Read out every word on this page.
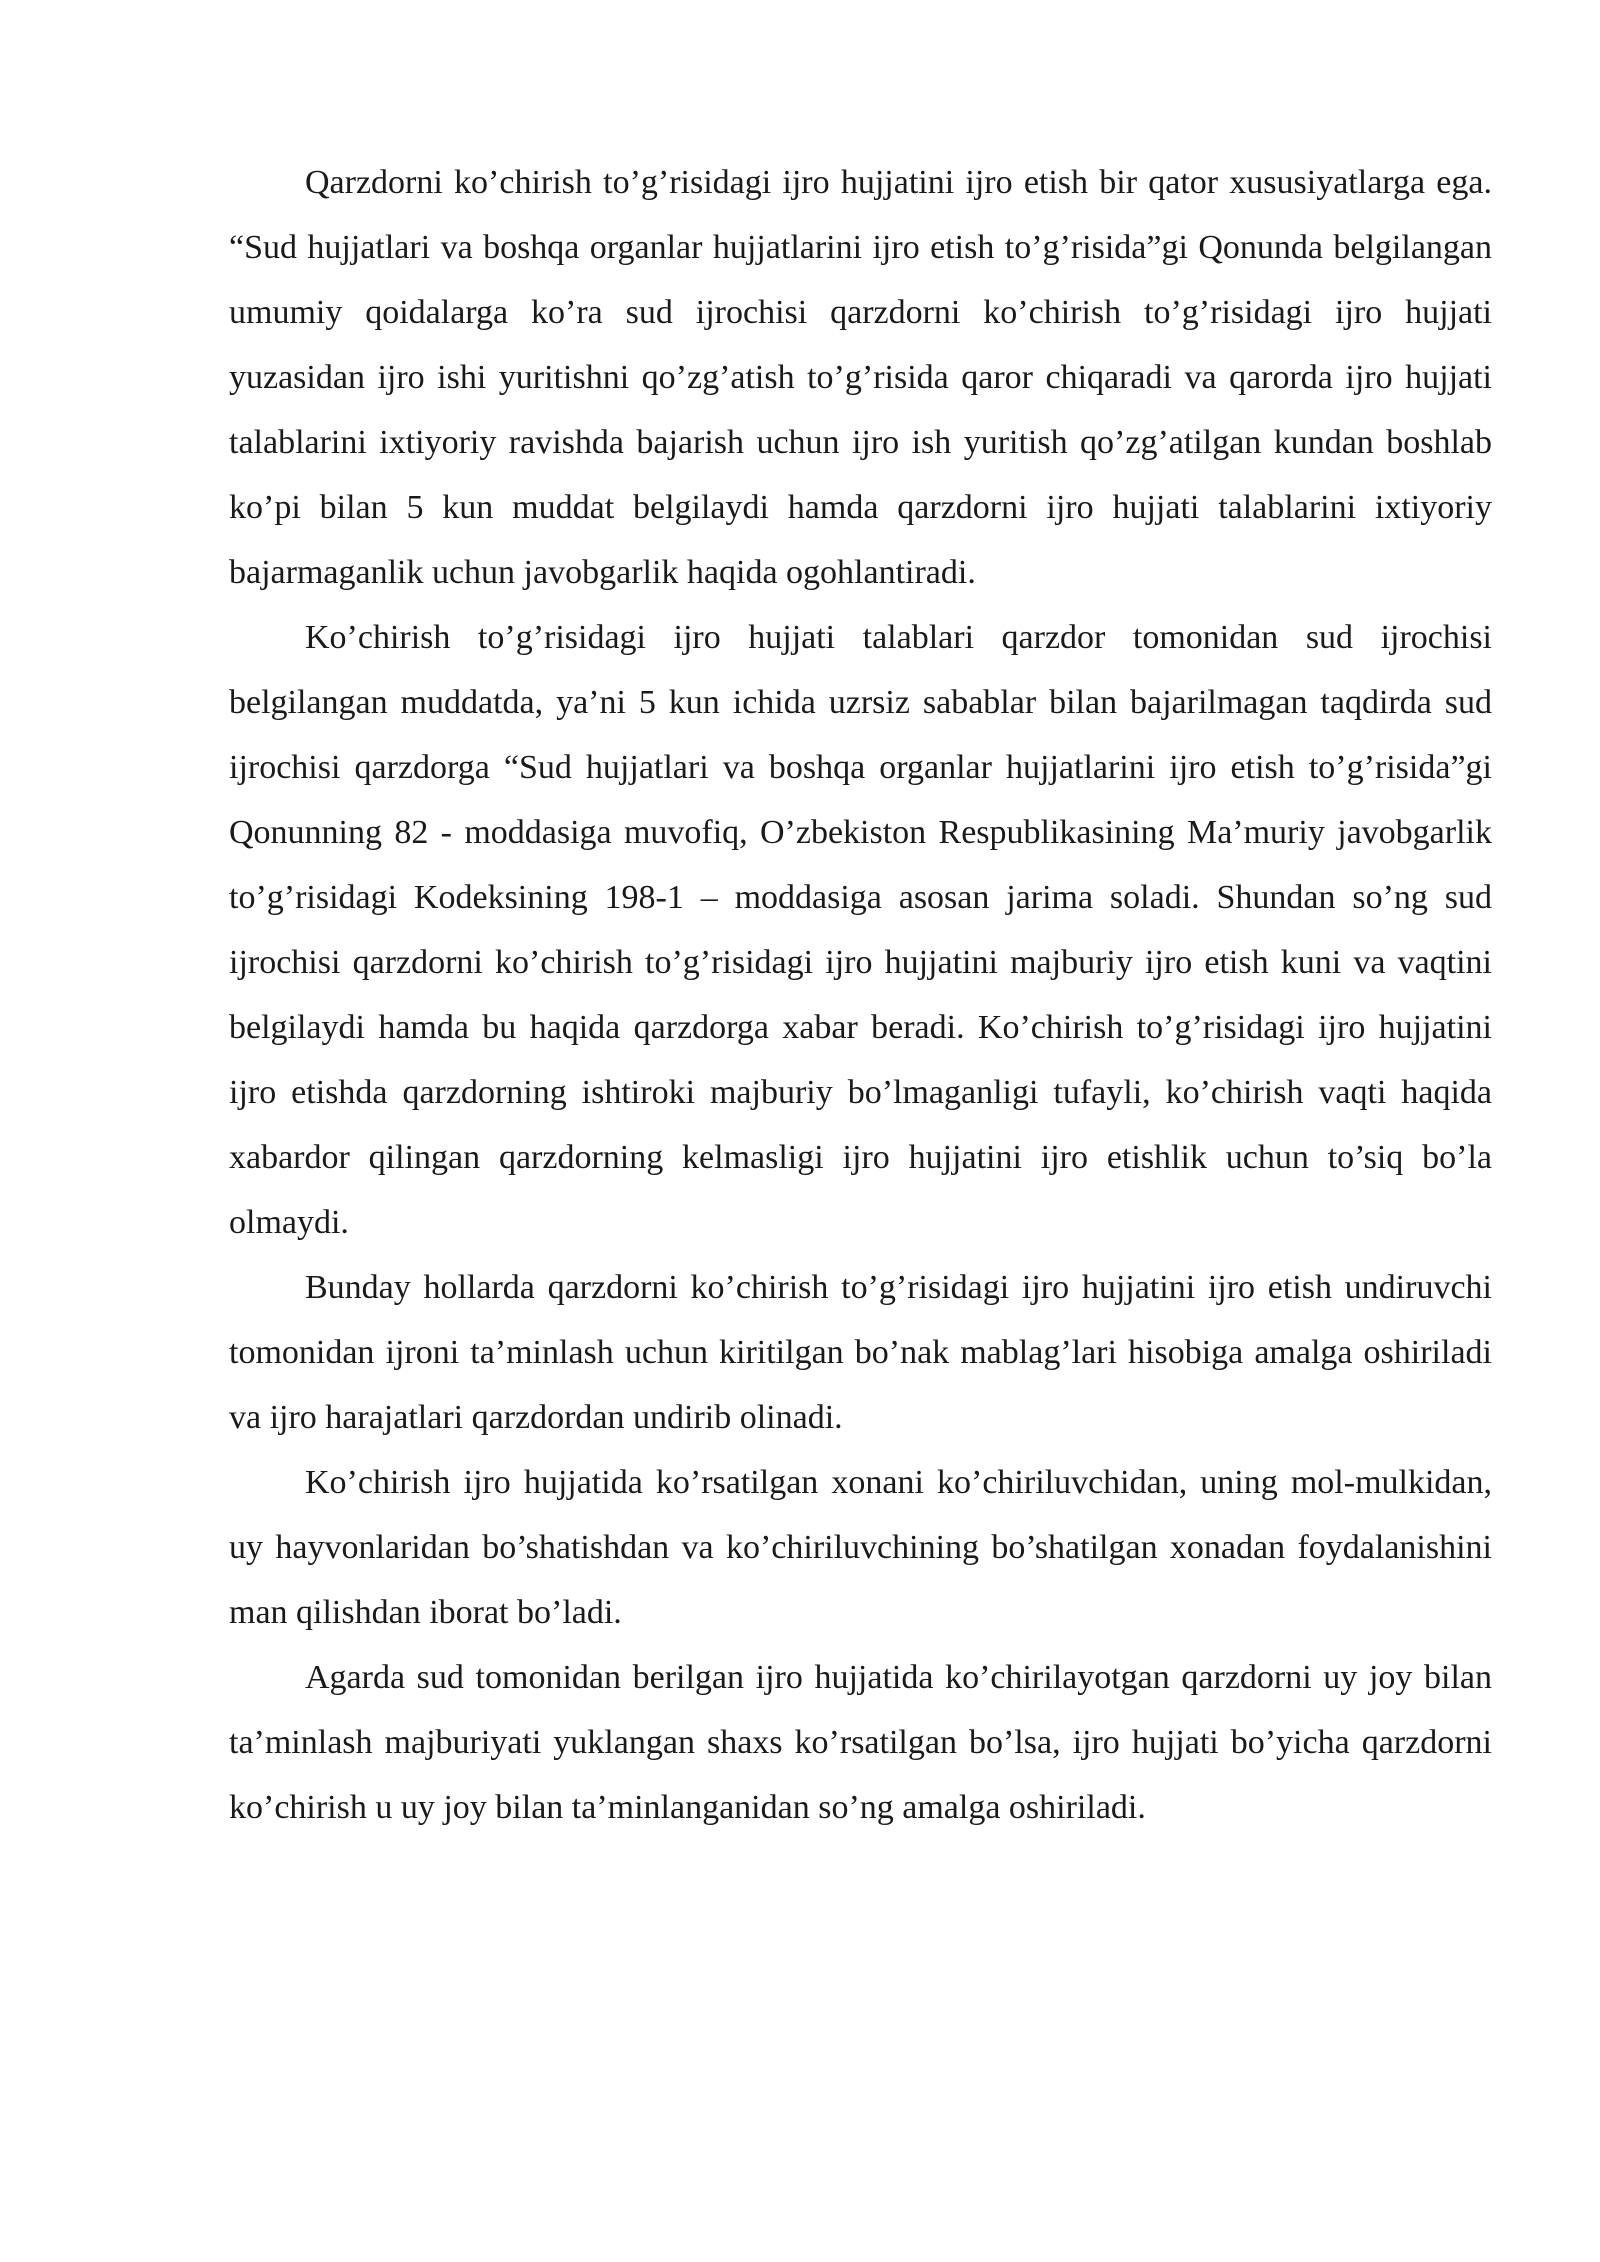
Qarzdorni ko’chirish to’g’risidagi ijro hujjatini ijro etish bir qator xususiyatlarga ega. “Sud hujjatlari va boshqa organlar hujjatlarini ijro etish to’g’risida”gi Qonunda belgilangan umumiy qoidalarga ko’ra sud ijrochisi qarzdorni ko’chirish to’g’risidagi ijro hujjati yuzasidan ijro ishi yuritishni qo’zg’atish to’g’risida qaror chiqaradi va qarorda ijro hujjati talablarini ixtiyoriy ravishda bajarish uchun ijro ish yuritish qo’zg’atilgan kundan boshlab ko’pi bilan 5 kun muddat belgilaydi hamda qarzdorni ijro hujjati talablarini ixtiyoriy bajarmaganlik uchun javobgarlik haqida ogohlantiradi.

Ko’chirish to’g’risidagi ijro hujjati talablari qarzdor tomonidan sud ijrochisi belgilangan muddatda, ya’ni 5 kun ichida uzrsiz sabablar bilan bajarilmagan taqdirda sud ijrochisi qarzdorga “Sud hujjatlari va boshqa organlar hujjatlarini ijro etish to’g’risida”gi Qonunning 82 - moddasiga muvofiq, O’zbekiston Respublikasining Ma’muriy javobgarlik to’g’risidagi Kodeksining 198-1 – moddasiga asosan jarima soladi. Shundan so’ng sud ijrochisi qarzdorni ko’chirish to’g’risidagi ijro hujjatini majburiy ijro etish kuni va vaqtini belgilaydi hamda bu haqida qarzdorga xabar beradi. Ko’chirish to’g’risidagi ijro hujjatini ijro etishda qarzdorning ishtiroki majburiy bo’lmaganligi tufayli, ko’chirish vaqti haqida xabardor qilingan qarzdorning kelmasligi ijro hujjatini ijro etishlik uchun to’siq bo’la olmaydi.

Bunday hollarda qarzdorni ko’chirish to’g’risidagi ijro hujjatini ijro etish undiruvchi tomonidan ijroni ta’minlash uchun kiritilgan bo’nak mablag’lari hisobiga amalga oshiriladi va ijro harajatlari qarzdordan undirib olinadi.

Ko’chirish ijro hujjatida ko’rsatilgan xonani ko’chiriluvchidan, uning mol-mulkidan, uy hayvonlaridan bo’shatishdan va ko’chiriluvchining bo’shatilgan xonadan foydalanishini man qilishdan iborat bo’ladi.

Agarda sud tomonidan berilgan ijro hujjatida ko’chirilayotgan qarzdorni uy joy bilan ta’minlash majburiyati yuklangan shaxs ko’rsatilgan bo’lsa, ijro hujjati bo’yicha qarzdorni ko’chirish u uy joy bilan ta’minlanganidan so’ng amalga oshiriladi.
